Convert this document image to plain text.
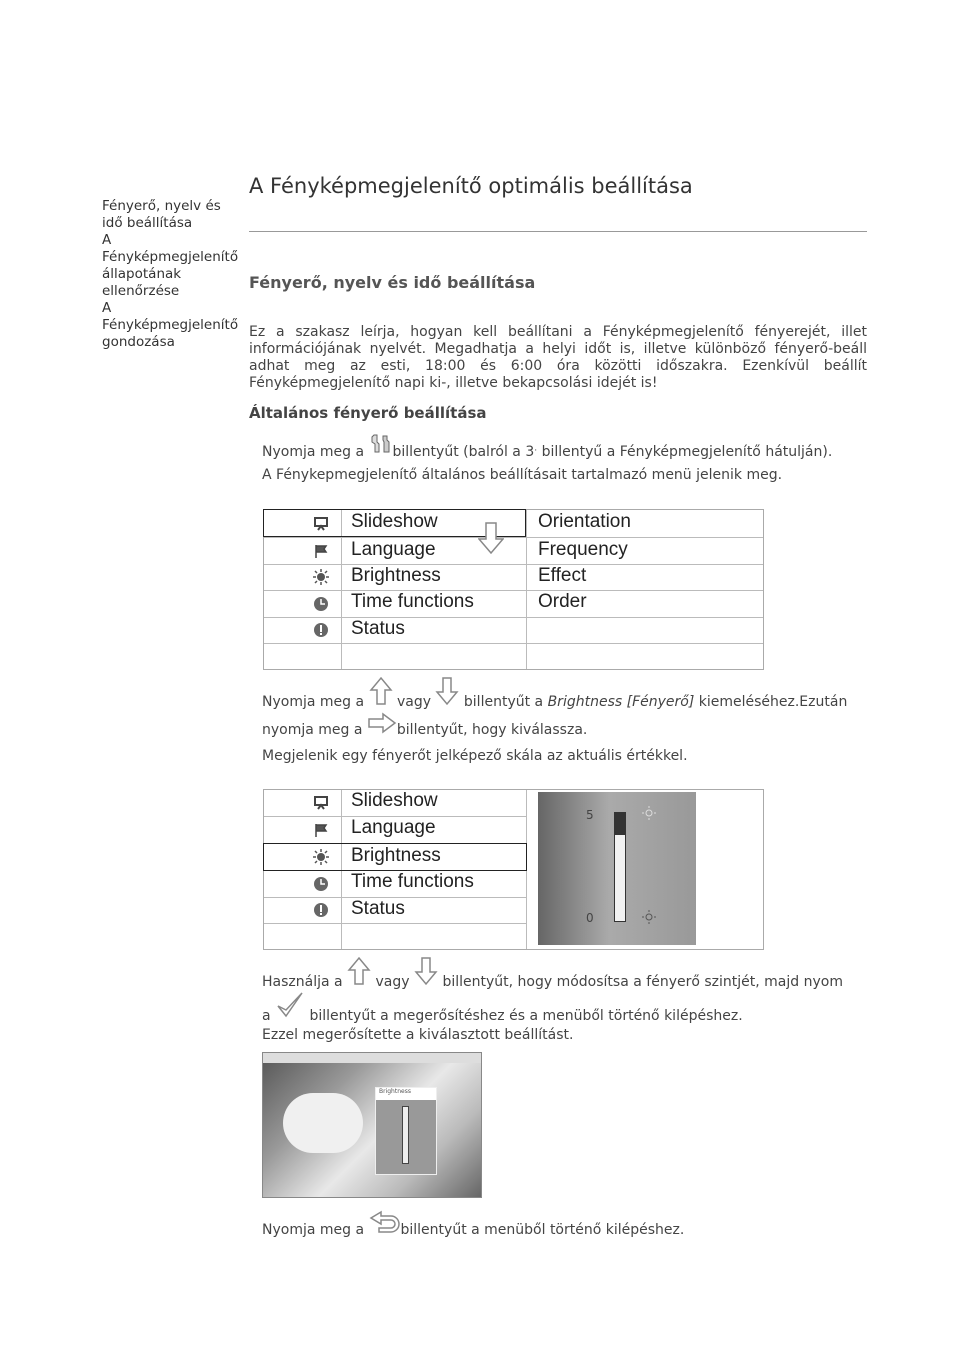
Fényerő, nyelv és
idő beállítása
A
Fényképmegjelenítő
állapotának
ellenőrzése
A
Fényképmegjelenítő
gondozása
A Fényképmegjelenítő optimális beállítása
Fényerő, nyelv és idő beállítása
Ez a szakasz leírja, hogyan kell beállítani a Fényképmegjelenítő fényerejét, illet
információjának nyelvét. Megadhatja a helyi időt is, illetve különböző fényerő-beáll
adhat meg az esti, 18:00 és 6:00 óra közötti időszakra. Ezenkívül beállít
Fényképmegjelenítő napi ki-, illetve bekapcsolási idejét is!
Általános fényerő beállítása
Nyomja meg a billentyűt (balról a 3. billentyű a Fényképmegjelenítő hátulján).
A Fénykepmegjelenítő általános beállításait tartalmazó menü jelenik meg.
Slideshow
Language
Brightness
Time functions
Status
Orientation
Frequency
Effect
Order
Nyomja meg a vagy billentyűt a Brightness [Fényerő] kiemeléséhez.Ezután
nyomja meg a billentyűt, hogy kiválassza.
Megjelenik egy fényerőt jelképező skála az aktuális értékkel.
Slideshow
Language
Brightness
Time functions
Status
5
0
Használja a vagy billentyűt, hogy módosítsa a fényerő szintjét, majd nyom
a	billentyűt a megerősítéshez és a menüből történő kilépéshez.
Ezzel megerősítette a kiválasztott beállítást.
Brightness
Nyomja meg a	billentyűt a menüből történő kilépéshez.
